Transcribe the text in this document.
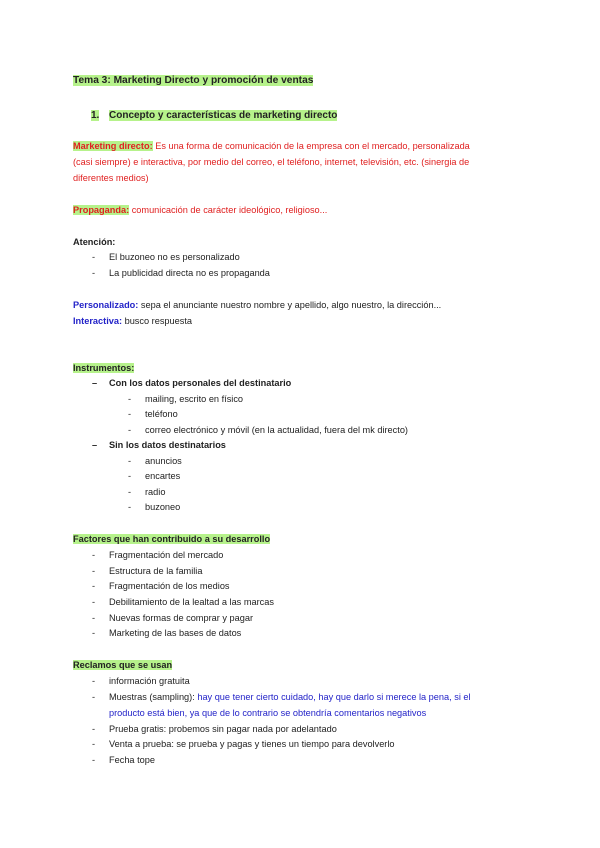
Tema 3: Marketing Directo y promoción de ventas
1. Concepto y características de marketing directo
Marketing directo: Es una forma de comunicación de la empresa con el mercado, personalizada
(casi siempre) e interactiva, por medio del correo, el teléfono, internet, televisión, etc. (sinergia de
diferentes medios)
Propaganda: comunicación de carácter ideológico, religioso...
Atención:
- El buzoneo no es personalizado
- La publicidad directa no es propaganda
Personalizado: sepa el anunciante nuestro nombre y apellido, algo nuestro, la dirección...
Interactiva: busco respuesta
Instrumentos:
– Con los datos personales del destinatario
- mailing, escrito en físico
- teléfono
- correo electrónico y móvil (en la actualidad, fuera del mk directo)
– Sin los datos destinatarios
- anuncios
- encartes
- radio
- buzoneo
Factores que han contribuido a su desarrollo
- Fragmentación del mercado
- Estructura de la familia
- Fragmentación de los medios
- Debilitamiento de la lealtad a las marcas
- Nuevas formas de comprar y pagar
- Marketing de las bases de datos
Reclamos que se usan
- información gratuita
- Muestras (sampling): hay que tener cierto cuidado, hay que darlo si merece la pena, si el
producto está bien, ya que de lo contrario se obtendría comentarios negativos
- Prueba gratis: probemos sin pagar nada por adelantado
- Venta a prueba: se prueba y pagas y tienes un tiempo para devolverlo
- Fecha tope
